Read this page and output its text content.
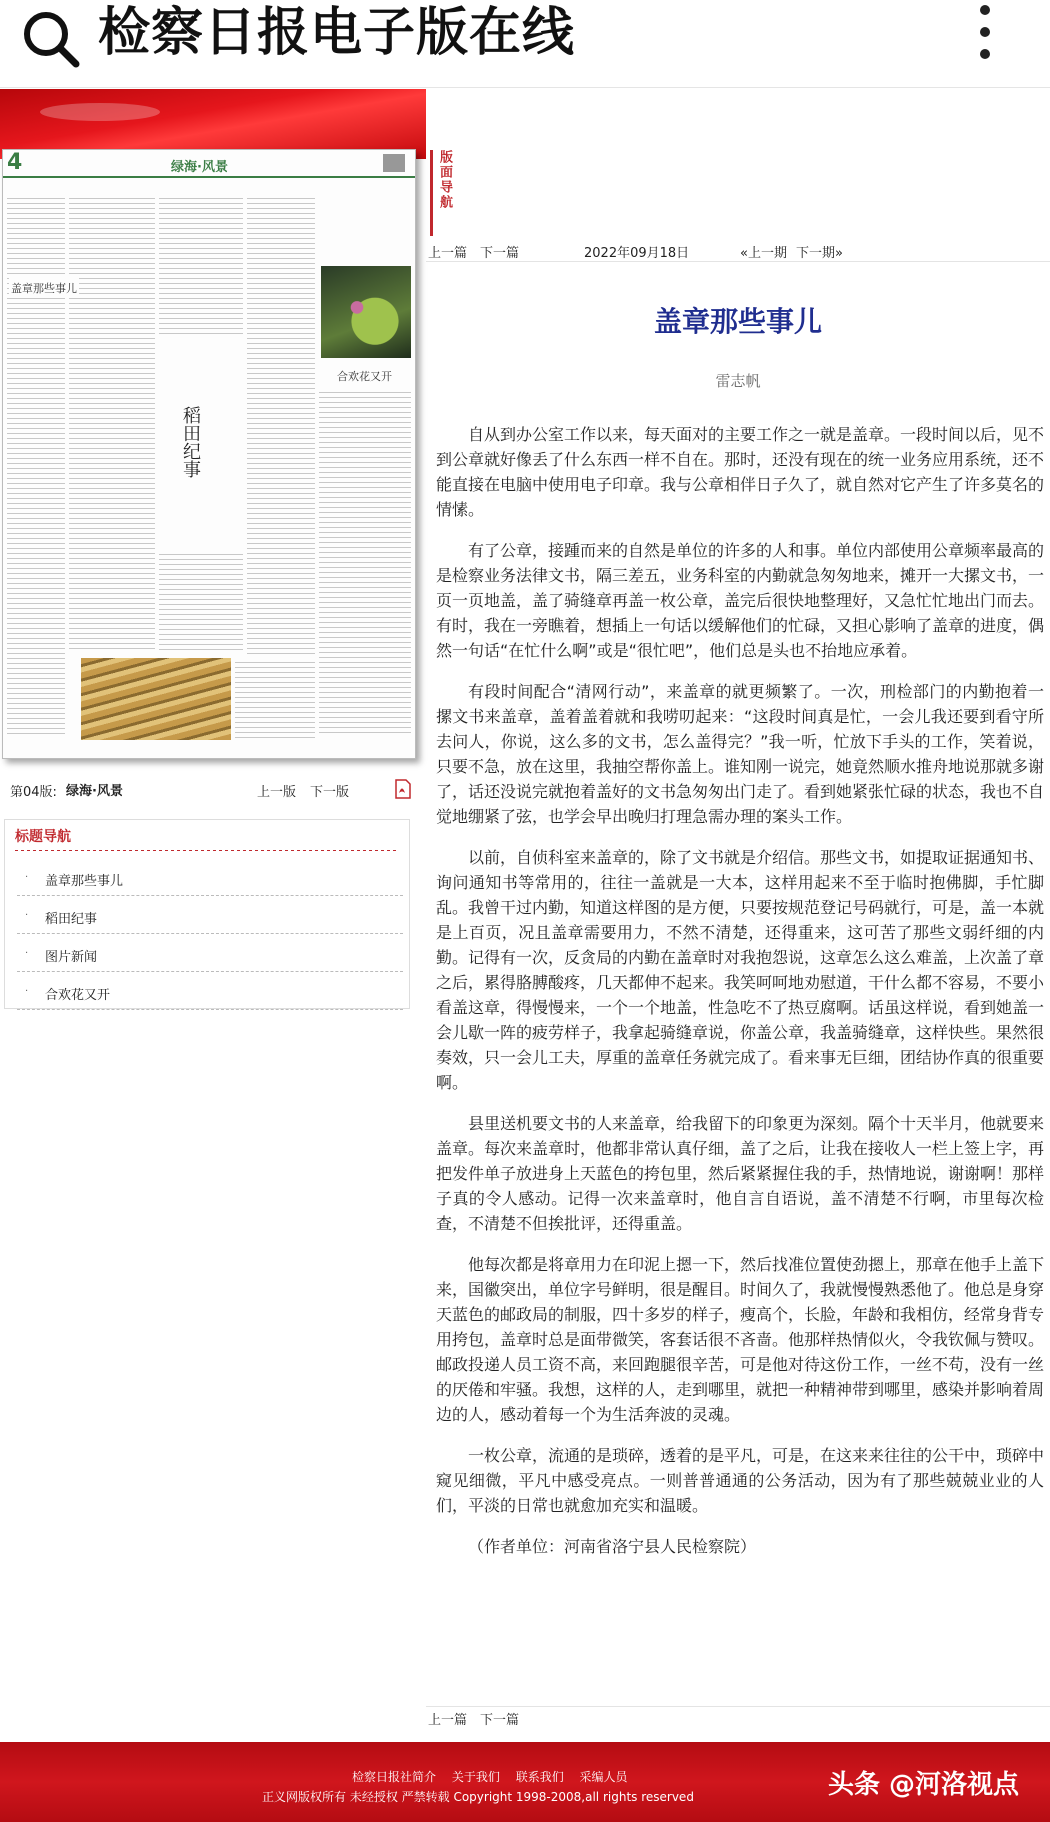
检察日报电子版在线
4	绿海·风景
盖章那些事儿
稻田纪事
合欢花又开
第04版: 绿海·风景	上一版 下一版
标题导航
· 盖章那些事儿
· 稻田纪事
· 图片新闻
· 合欢花又开
版面导航
上一篇 下一篇	2022年09月18日	«上一期 下一期»
盖章那些事儿
雷志帆

自从到办公室工作以来，每天面对的主要工作之一就是盖章。一段时间以后，见不到公章就好像丢了什么东西一样不自在。那时，还没有现在的统一业务应用系统，还不能直接在电脑中使用电子印章。我与公章相伴日子久了，就自然对它产生了许多莫名的情愫。

有了公章，接踵而来的自然是单位的许多的人和事。单位内部使用公章频率最高的是检察业务法律文书，隔三差五，业务科室的内勤就急匆匆地来，摊开一大摞文书，一页一页地盖，盖了骑缝章再盖一枚公章，盖完后很快地整理好，又急忙忙地出门而去。有时，我在一旁瞧着，想插上一句话以缓解他们的忙碌，又担心影响了盖章的进度，偶然一句话“在忙什么啊”或是“很忙吧”，他们总是头也不抬地应承着。

有段时间配合“清网行动”，来盖章的就更频繁了。一次，刑检部门的内勤抱着一摞文书来盖章，盖着盖着就和我唠叨起来：“这段时间真是忙，一会儿我还要到看守所去问人，你说，这么多的文书，怎么盖得完？”我一听，忙放下手头的工作，笑着说，只要不急，放在这里，我抽空帮你盖上。谁知刚一说完，她竟然顺水推舟地说那就多谢了，话还没说完就抱着盖好的文书急匆匆出门走了。看到她紧张忙碌的状态，我也不自觉地绷紧了弦，也学会早出晚归打理急需办理的案头工作。

以前，自侦科室来盖章的，除了文书就是介绍信。那些文书，如提取证据通知书、询问通知书等常用的，往往一盖就是一大本，这样用起来不至于临时抱佛脚，手忙脚乱。我曾干过内勤，知道这样图的是方便，只要按规范登记号码就行，可是，盖一本就是上百页，况且盖章需要用力，不然不清楚，还得重来，这可苦了那些文弱纤细的内勤。记得有一次，反贪局的内勤在盖章时对我抱怨说，这章怎么这么难盖，上次盖了章之后，累得胳膊酸疼，几天都伸不起来。我笑呵呵地劝慰道，干什么都不容易，不要小看盖这章，得慢慢来，一个一个地盖，性急吃不了热豆腐啊。话虽这样说，看到她盖一会儿歇一阵的疲劳样子，我拿起骑缝章说，你盖公章，我盖骑缝章，这样快些。果然很奏效，只一会儿工夫，厚重的盖章任务就完成了。看来事无巨细，团结协作真的很重要啊。

县里送机要文书的人来盖章，给我留下的印象更为深刻。隔个十天半月，他就要来盖章。每次来盖章时，他都非常认真仔细，盖了之后，让我在接收人一栏上签上字，再把发件单子放进身上天蓝色的挎包里，然后紧紧握住我的手，热情地说，谢谢啊！那样子真的令人感动。记得一次来盖章时，他自言自语说，盖不清楚不行啊，市里每次检查，不清楚不但挨批评，还得重盖。

他每次都是将章用力在印泥上摁一下，然后找准位置使劲摁上，那章在他手上盖下来，国徽突出，单位字号鲜明，很是醒目。时间久了，我就慢慢熟悉他了。他总是身穿天蓝色的邮政局的制服，四十多岁的样子，瘦高个，长脸，年龄和我相仿，经常身背专用挎包，盖章时总是面带微笑，客套话很不吝啬。他那样热情似火，令我钦佩与赞叹。邮政投递人员工资不高，来回跑腿很辛苦，可是他对待这份工作，一丝不苟，没有一丝的厌倦和牢骚。我想，这样的人，走到哪里，就把一种精神带到哪里，感染并影响着周边的人，感动着每一个为生活奔波的灵魂。

一枚公章，流通的是琐碎，透着的是平凡，可是，在这来来往往的公干中，琐碎中窥见细微，平凡中感受亮点。一则普普通通的公务活动，因为有了那些兢兢业业的人们，平淡的日常也就愈加充实和温暖。

（作者单位：河南省洛宁县人民检察院）

上一篇 下一篇
检察日报社简介 关于我们 联系我们 采编人员
正义网版权所有 未经授权 严禁转载 Copyright 1998-2008,all rights reserved	头条 @河洛视点
